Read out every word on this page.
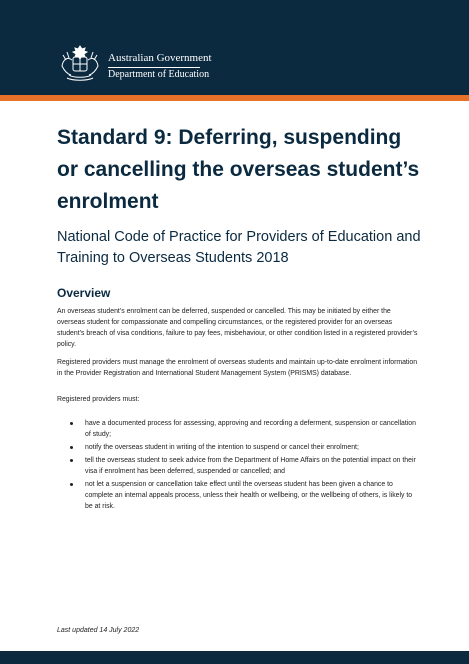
Australian Government
Department of Education
Standard 9: Deferring, suspending or cancelling the overseas student’s enrolment
National Code of Practice for Providers of Education and Training to Overseas Students 2018
Overview

An overseas student’s enrolment can be deferred, suspended or cancelled. This may be initiated by either the overseas student for compassionate and compelling circumstances, or the registered provider for an overseas student’s breach of visa conditions, failure to pay fees, misbehaviour, or other condition listed in a registered provider’s policy.

Registered providers must manage the enrolment of overseas students and maintain up-to-date enrolment information in the Provider Registration and International Student Management System (PRISMS) database.

Registered providers must:

have a documented process for assessing, approving and recording a deferment, suspension or cancellation of study;
notify the overseas student in writing of the intention to suspend or cancel their enrolment;
tell the overseas student to seek advice from the Department of Home Affairs on the potential impact on their visa if enrolment has been deferred, suspended or cancelled; and
not let a suspension or cancellation take effect until the overseas student has been given a chance to complete an internal appeals process, unless their health or wellbeing, or the wellbeing of others, is likely to be at risk.
Last updated 14 July 2022
